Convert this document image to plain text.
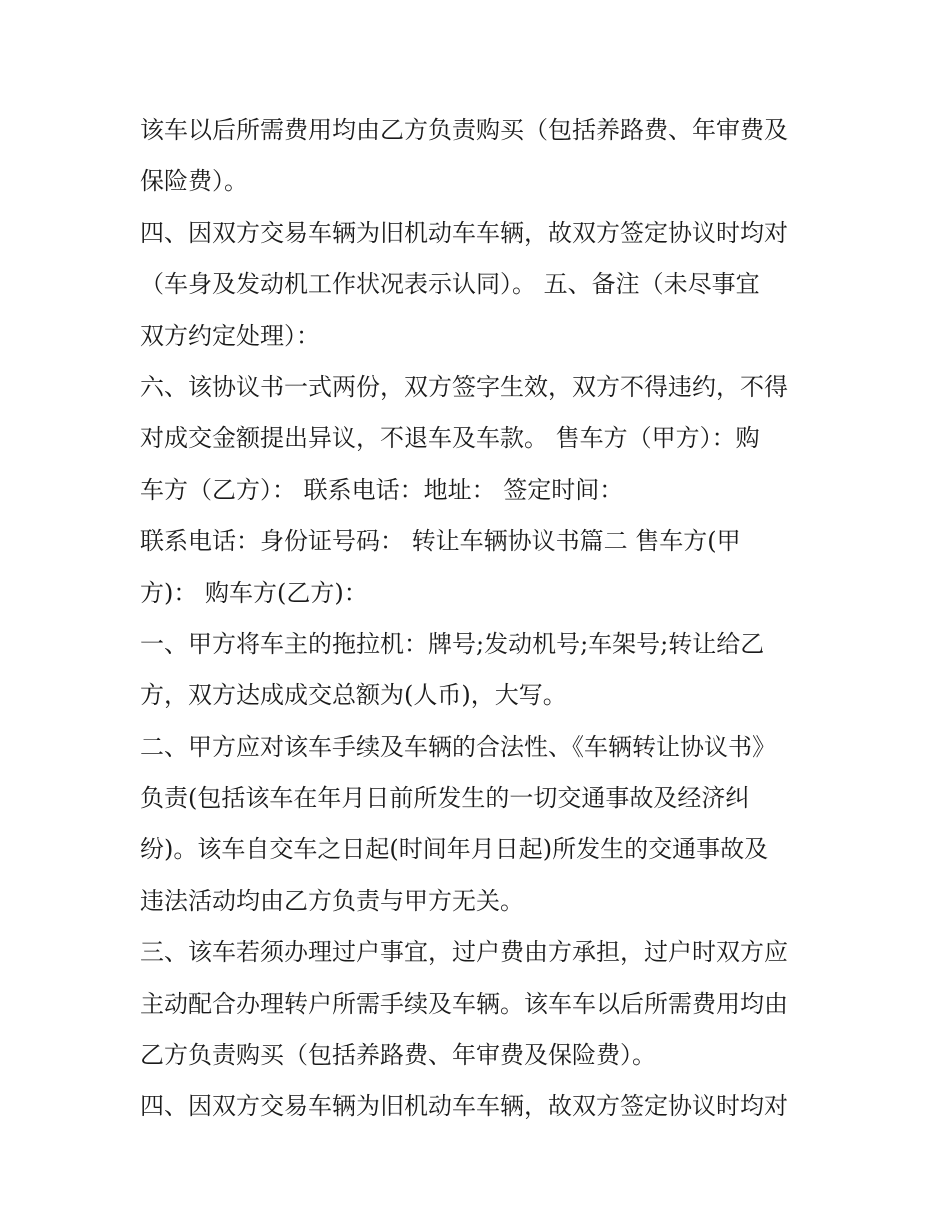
该车以后所需费用均由乙方负责购买（包括养路费、年审费及
保险费）。
四、因双方交易车辆为旧机动车车辆，故双方签定协议时均对
（车身及发动机工作状况表示认同）。 五、备注（未尽事宜
双方约定处理）：
六、该协议书一式两份，双方签字生效，双方不得违约，不得
对成交金额提出异议，不退车及车款。 售车方（甲方）：购
车方（乙方）： 联系电话：地址： 签定时间：
联系电话：身份证号码： 转让车辆协议书篇二 售车方(甲
方)： 购车方(乙方)：
一、甲方将车主的拖拉机：牌号;发动机号;车架号;转让给乙
方，双方达成成交总额为(人币)，大写。
二、甲方应对该车手续及车辆的合法性、《车辆转让协议书》
负责(包括该车在年月日前所发生的一切交通事故及经济纠
纷)。该车自交车之日起(时间年月日起)所发生的交通事故及
违法活动均由乙方负责与甲方无关。
三、该车若须办理过户事宜，过户费由方承担，过户时双方应
主动配合办理转户所需手续及车辆。该车车以后所需费用均由
乙方负责购买（包括养路费、年审费及保险费）。
四、因双方交易车辆为旧机动车车辆，故双方签定协议时均对
